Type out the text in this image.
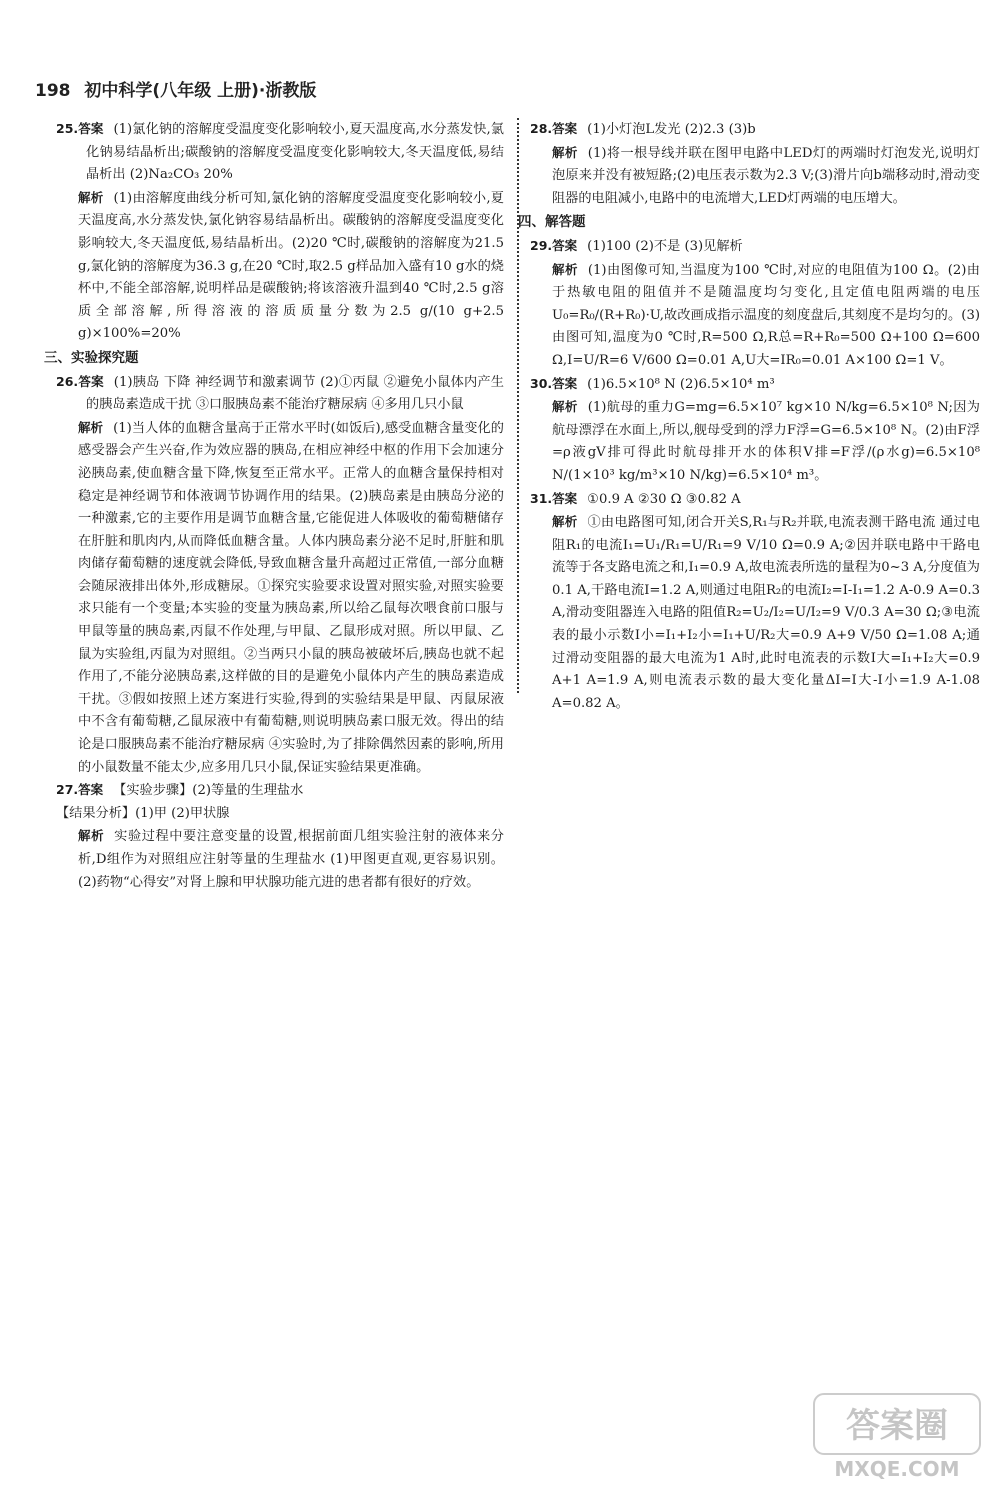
198 初中科学(八年级 上册)·浙教版

25.答案 (1)氯化钠的溶解度受温度变化影响较小,夏天温度高,水分蒸发快,氯化钠易结晶析出;碳酸钠的溶解度受温度变化影响较大,冬天温度低,易结晶析出 (2)Na₂CO₃ 20%

解析 (1)由溶解度曲线分析可知,氯化钠的溶解度受温度变化影响较小,夏天温度高,水分蒸发快,氯化钠容易结晶析出。碳酸钠的溶解度受温度变化影响较大,冬天温度低,易结晶析出。(2)20 ℃时,碳酸钠的溶解度为21.5 g,氯化钠的溶解度为36.3 g,在20 ℃时,取2.5 g样品加入盛有10 g水的烧杯中,不能全部溶解,说明样品是碳酸钠;将该溶液升温到40 ℃时,2.5 g溶质全部溶解,所得溶液的溶质质量分数为2.5 g/(10 g+2.5 g)×100%=20%

三、实验探究题

26.答案 (1)胰岛 下降 神经调节和激素调节 (2)①丙鼠 ②避免小鼠体内产生的胰岛素造成干扰 ③口服胰岛素不能治疗糖尿病 ④多用几只小鼠

解析 (1)当人体的血糖含量高于正常水平时(如饭后),感受血糖含量变化的感受器会产生兴奋,作为效应器的胰岛,在相应神经中枢的作用下会加速分泌胰岛素,使血糖含量下降,恢复至正常水平。正常人的血糖含量保持相对稳定是神经调节和体液调节协调作用的结果。(2)胰岛素是由胰岛分泌的一种激素,它的主要作用是调节血糖含量,它能促进人体吸收的葡萄糖储存在肝脏和肌肉内,从而降低血糖含量。人体内胰岛素分泌不足时,肝脏和肌肉储存葡萄糖的速度就会降低,导致血糖含量升高超过正常值,一部分血糖会随尿液排出体外,形成糖尿。①探究实验要求设置对照实验,对照实验要求只能有一个变量;本实验的变量为胰岛素,所以给乙鼠每次喂食前口服与甲鼠等量的胰岛素,丙鼠不作处理,与甲鼠、乙鼠形成对照。所以甲鼠、乙鼠为实验组,丙鼠为对照组。②当两只小鼠的胰岛被破坏后,胰岛也就不起作用了,不能分泌胰岛素,这样做的目的是避免小鼠体内产生的胰岛素造成干扰。③假如按照上述方案进行实验,得到的实验结果是甲鼠、丙鼠尿液中不含有葡萄糖,乙鼠尿液中有葡萄糖,则说明胰岛素口服无效。得出的结论是口服胰岛素不能治疗糖尿病 ④实验时,为了排除偶然因素的影响,所用的小鼠数量不能太少,应多用几只小鼠,保证实验结果更准确。

27.答案 【实验步骤】(2)等量的生理盐水

【结果分析】(1)甲 (2)甲状腺

解析 实验过程中要注意变量的设置,根据前面几组实验注射的液体来分析,D组作为对照组应注射等量的生理盐水 (1)甲图更直观,更容易识别。(2)药物“心得安”对肾上腺和甲状腺功能亢进的患者都有很好的疗效。

28.答案 (1)小灯泡L发光 (2)2.3 (3)b

解析 (1)将一根导线并联在图甲电路中LED灯的两端时灯泡发光,说明灯泡原来并没有被短路;(2)电压表示数为2.3 V;(3)滑片向b端移动时,滑动变阻器的电阻减小,电路中的电流增大,LED灯两端的电压增大。

四、解答题

29.答案 (1)100 (2)不是 (3)见解析

解析 (1)由图像可知,当温度为100 ℃时,对应的电阻值为100 Ω。(2)由于热敏电阻的阻值并不是随温度均匀变化,且定值电阻两端的电压U₀=R₀/(R+R₀)·U,故改画成指示温度的刻度盘后,其刻度不是均匀的。(3)由图可知,温度为0 ℃时,R=500 Ω,R总=R+R₀=500 Ω+100 Ω=600 Ω,I=U/R=6 V/600 Ω=0.01 A,U大=IR₀=0.01 A×100 Ω=1 V。

30.答案 (1)6.5×10⁸ N (2)6.5×10⁴ m³

解析 (1)航母的重力G=mg=6.5×10⁷ kg×10 N/kg=6.5×10⁸ N;因为航母漂浮在水面上,所以,舰母受到的浮力F浮=G=6.5×10⁸ N。(2)由F浮=ρ液gV排可得此时航母排开水的体积V排=F浮/(ρ水g)=6.5×10⁸ N/(1×10³ kg/m³×10 N/kg)=6.5×10⁴ m³。

31.答案 ①0.9 A ②30 Ω ③0.82 A

解析 ①由电路图可知,闭合开关S,R₁与R₂并联,电流表测干路电流 通过电阻R₁的电流I₁=U₁/R₁=U/R₁=9 V/10 Ω=0.9 A;②因并联电路中干路电流等于各支路电流之和,I₁=0.9 A,故电流表所选的量程为0~3 A,分度值为0.1 A,干路电流I=1.2 A,则通过电阻R₂的电流I₂=I-I₁=1.2 A-0.9 A=0.3 A,滑动变阻器连入电路的阻值R₂=U₂/I₂=U/I₂=9 V/0.3 A=30 Ω;③电流表的最小示数I小=I₁+I₂小=I₁+U/R₂大=0.9 A+9 V/50 Ω=1.08 A;通过滑动变阻器的最大电流为1 A时,此时电流表的示数I大=I₁+I₂大=0.9 A+1 A=1.9 A,则电流表示数的最大变化量ΔI=I大-I小=1.9 A-1.08 A=0.82 A。

答案圈
MXQE.COM
